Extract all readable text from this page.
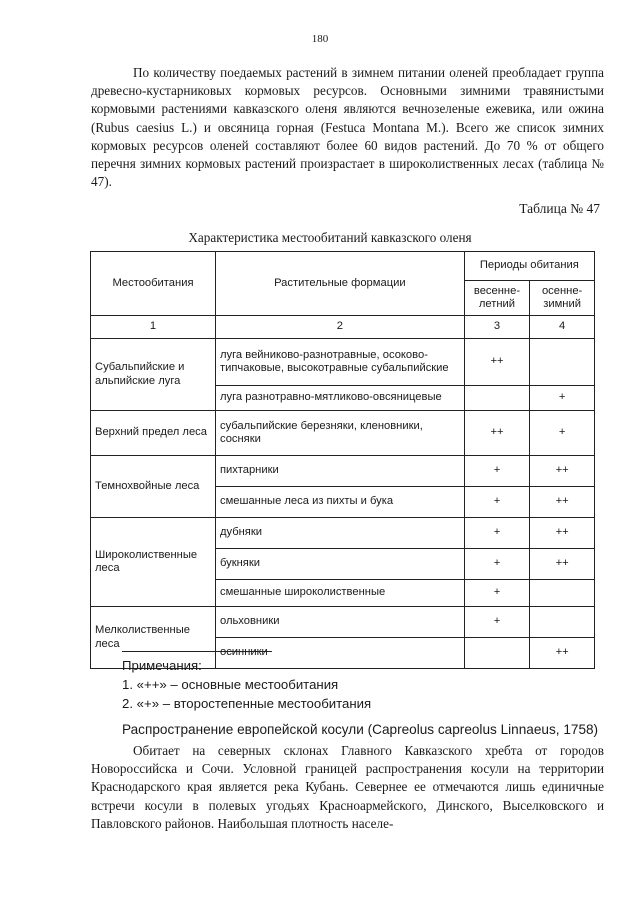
180

По количеству поедаемых растений в зимнем питании оленей преобладает группа древесно-кустарниковых кормовых ресурсов. Основными зимними травянистыми кормовыми растениями кавказского оленя являются вечнозеленые ежевика, или ожина (Rubus caesius L.) и овсяница горная (Festuca Montana M.). Всего же список зимних кормовых ресурсов оленей составляют более 60 видов растений. До 70 % от общего перечня зимних кормовых растений произрастает в широколиственных лесах (таблица № 47).

Таблица № 47
Характеристика местообитаний кавказского оленя
Местообитания	Растительные формации	Периоды обитания	
		весенне-летний	осенне-зимний
1	2	3	4
Субальпийские и альпийские луга	луга вейниково-разнотравные, осоково-типчаковые, высокотравные субальпийские	++	
	луга разнотравно-мятликово-овсяницевые		+
Верхний предел леса	субальпийские березняки, кленовники, сосняки	++	+
Темнохвойные леса	пихтарники	+	++
	смешанные леса из пихты и бука	+	++
Широколиственные леса	дубняки	+	++
	букняки	+	++
	смешанные широколиственные	+	
Мелколиственные леса	ольховники	+	
	осинники		++
Примечания:
1. «++» – основные местообитания
2. «+» – второстепенные местообитания
Распространение европейской косули (Capreolus capreolus Linnaeus, 1758)

Обитает на северных склонах Главного Кавказского хребта от городов Новороссийска и Сочи. Условной границей распространения косули на территории Краснодарского края является река Кубань. Севернее ее отмечаются лишь единичные встречи косули в полевых угодьях Красноармейского, Динского, Выселковского и Павловского районов. Наибольшая плотность населе-
